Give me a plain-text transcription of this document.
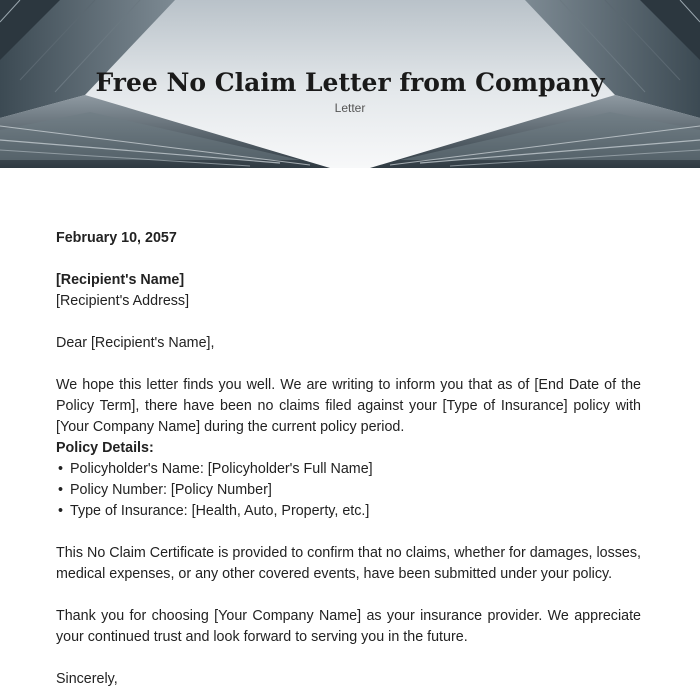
Free No Claim Letter from Company
Letter

February 10, 2057

[Recipient's Name]

[Recipient's Address]

Dear [Recipient's Name],

We hope this letter finds you well. We are writing to inform you that as of [End Date of the Policy Term], there have been no claims filed against your [Type of Insurance] policy with [Your Company Name] during the current policy period.

Policy Details:

• Policyholder's Name: [Policyholder's Full Name]
• Policy Number: [Policy Number]
• Type of Insurance: [Health, Auto, Property, etc.]

This No Claim Certificate is provided to confirm that no claims, whether for damages, losses, medical expenses, or any other covered events, have been submitted under your policy.

Thank you for choosing [Your Company Name] as your insurance provider. We appreciate your continued trust and look forward to serving you in the future.

Sincerely,
